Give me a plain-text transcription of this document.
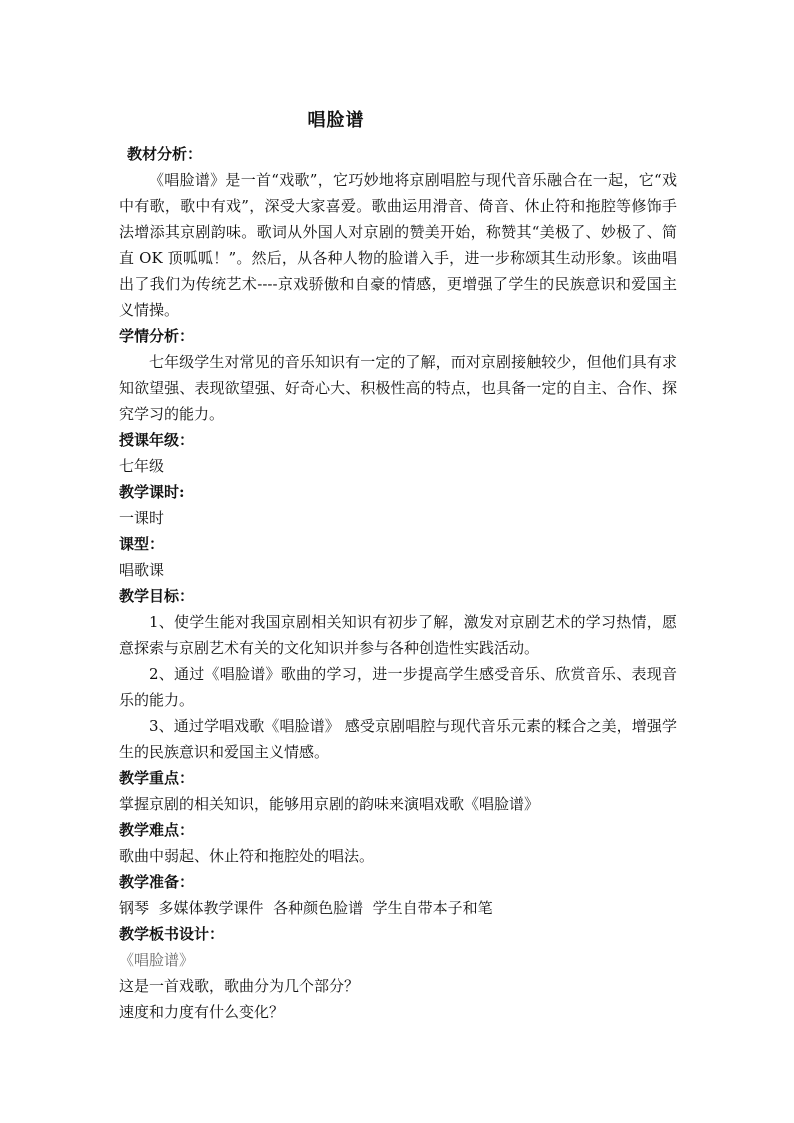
唱脸谱
教材分析：
《唱脸谱》是一首“戏歌”，它巧妙地将京剧唱腔与现代音乐融合在一起，它“戏中有歌，歌中有戏”，深受大家喜爱。歌曲运用滑音、倚音、休止符和拖腔等修饰手法增添其京剧韵味。歌词从外国人对京剧的赞美开始，称赞其“美极了、妙极了、简直 OK 顶呱呱！”。然后，从各种人物的脸谱入手，进一步称颂其生动形象。该曲唱出了我们为传统艺术----京戏骄傲和自豪的情感，更增强了学生的民族意识和爱国主义情操。
学情分析：
七年级学生对常见的音乐知识有一定的了解，而对京剧接触较少，但他们具有求知欲望强、表现欲望强、好奇心大、积极性高的特点，也具备一定的自主、合作、探究学习的能力。
授课年级：
七年级
教学课时:
一课时
课型：
唱歌课
教学目标：
1、使学生能对我国京剧相关知识有初步了解，激发对京剧艺术的学习热情，愿意探索与京剧艺术有关的文化知识并参与各种创造性实践活动。
2、通过《唱脸谱》歌曲的学习，进一步提高学生感受音乐、欣赏音乐、表现音乐的能力。
3、通过学唱戏歌《唱脸谱》 感受京剧唱腔与现代音乐元素的糅合之美，增强学生的民族意识和爱国主义情感。
教学重点：
掌握京剧的相关知识，能够用京剧的韵味来演唱戏歌《唱脸谱》
教学难点：
歌曲中弱起、休止符和拖腔处的唱法。
教学准备：
钢琴  多媒体教学课件  各种颜色脸谱  学生自带本子和笔
教学板书设计：
《唱脸谱》
这是一首戏歌，歌曲分为几个部分？
速度和力度有什么变化？
